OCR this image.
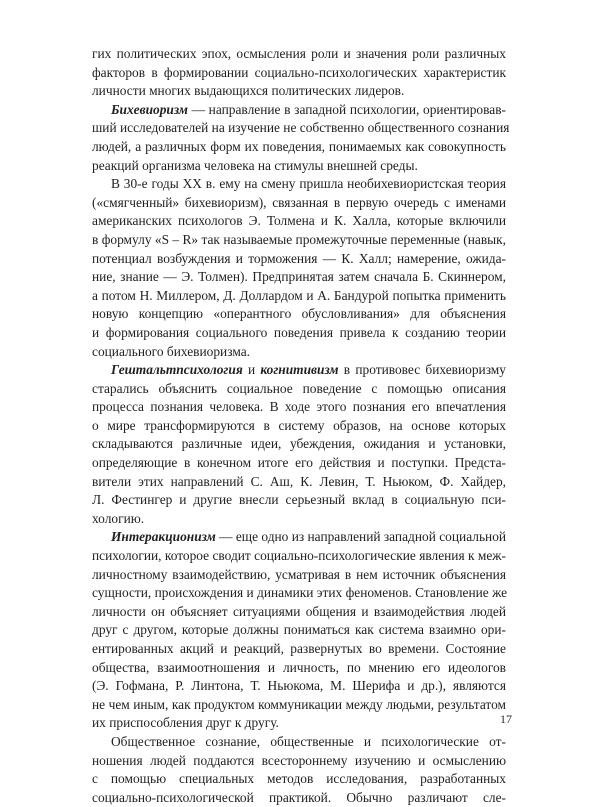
гих политических эпох, осмысления роли и значения роли различных
факторов в формировании социально-психологических характеристик
личности многих выдающихся политических лидеров.
Бихевиоризм — направление в западной психологии, ориентировав-
ший исследователей на изучение не собственно общественного сознания
людей, а различных форм их поведения, понимаемых как совокупность
реакций организма человека на стимулы внешней среды.
В 30-е годы XX в. ему на смену пришла необихевиористская теория
(«смягченный» бихевиоризм), связанная в первую очередь с именами
американских психологов Э. Толмена и К. Халла, которые включили
в формулу «S – R» так называемые промежуточные переменные (навык,
потенциал возбуждения и торможения — К. Халл; намерение, ожида-
ние, знание — Э. Толмен). Предпринятая затем сначала Б. Скиннером,
а потом Н. Миллером, Д. Доллардом и А. Бандурой попытка применить
новую концепцию «оперантного обусловливания» для объяснения
и формирования социального поведения привела к созданию теории
социального бихевиоризма.
Гештальтпсихология и когнитивизм в противовес бихевиоризму
старались объяснить социальное поведение с помощью описания
процесса познания человека. В ходе этого познания его впечатления
о мире трансформируются в систему образов, на основе которых
складываются различные идеи, убеждения, ожидания и установки,
определяющие в конечном итоге его действия и поступки. Предста-
вители этих направлений С. Аш, К. Левин, Т. Ньюком, Ф. Хайдер,
Л. Фестингер и другие внесли серьезный вклад в социальную пси-
хологию.
Интеракционизм — еще одно из направлений западной социальной
психологии, которое сводит социально-психологические явления к меж-
личностному взаимодействию, усматривая в нем источник объяснения
сущности, происхождения и динамики этих феноменов. Становление же
личности он объясняет ситуациями общения и взаимодействия людей
друг с другом, которые должны пониматься как система взаимно ори-
ентированных акций и реакций, развернутых во времени. Состояние
общества, взаимоотношения и личность, по мнению его идеологов
(Э. Гофмана, Р. Линтона, Т. Ньюкома, М. Шерифа и др.), являются
не чем иным, как продуктом коммуникации между людьми, результатом
их приспособления друг к другу.
Общественное сознание, общественные и психологические от-
ношения людей поддаются всестороннему изучению и осмыслению
с помощью специальных методов исследования, разработанных
социально-психологической практикой. Обычно различают сле-
17
